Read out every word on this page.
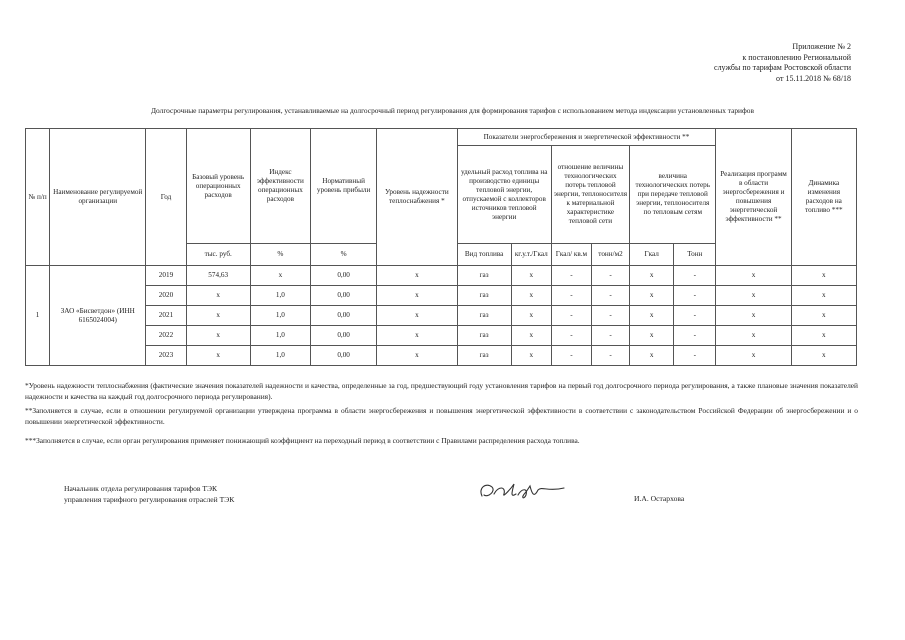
Приложение № 2
к постановлению Региональной
службы по тарифам Ростовской области
от 15.11.2018 № 68/18
Долгосрочные параметры регулирования, устанавливаемые на долгосрочный период регулирования для формирования тарифов с использованием метода индексации установленных тарифов
№ п/п	Наименование регулируемой организации	Год	Базовый уровень операционных расходов	Индекс эффективности операционных расходов	Нормативный уровень прибыли	Уровень надежности теплоснабжения *	Показатели энергосбережения и энергетической эффективности **						Реализация программ в области энергосбережения и повышения энергетической эффективности **	Динамика изменения расходов на топливо ***
							удельный расход топлива на производство единицы тепловой энергии, отпускаемой с коллекторов источников тепловой энергии		отношение величины технологических потерь тепловой энергии, теплоносителя к материальной характеристике тепловой сети		величина технологических потерь при передаче тепловой энергии, теплоносителя по тепловым сетям			
			тыс. руб.	%	%		Вид топлива	кг.у.т./Гкал	Гкал/ кв.м	тонн/м2	Гкал	Тонн		
1	ЗАО «Бисветдон» (ИНН 6165024004)	2019	574,63	х	0,00	х	газ	х	-	-	х	-	х	х
		2020	х	1,0	0,00	х	газ	х	-	-	х	-	х	х
		2021	х	1,0	0,00	х	газ	х	-	-	х	-	х	х
		2022	х	1,0	0,00	х	газ	х	-	-	х	-	х	х
		2023	х	1,0	0,00	х	газ	х	-	-	х	-	х	х
*Уровень надежности теплоснабжения (фактические значения показателей надежности и качества, определенные за год, предшествующий году установления тарифов на первый год долгосрочного периода регулирования, а также плановые значения показателей надежности и качества на каждый год долгосрочного периода регулирования).
**Заполняется в случае, если в отношении регулируемой организации утверждена программа в области энергосбережения и повышения энергетической эффективности в соответствии с законодательством Российской Федерации об энергосбережении и о повышении энергетической эффективности.
***Заполняется в случае, если орган регулирования применяет понижающий коэффициент на переходный период в соответствии с Правилами распределения расхода топлива.
Начальник отдела регулирования тарифов ТЭК
управления тарифного регулирования отраслей ТЭК	И.А. Остархова
